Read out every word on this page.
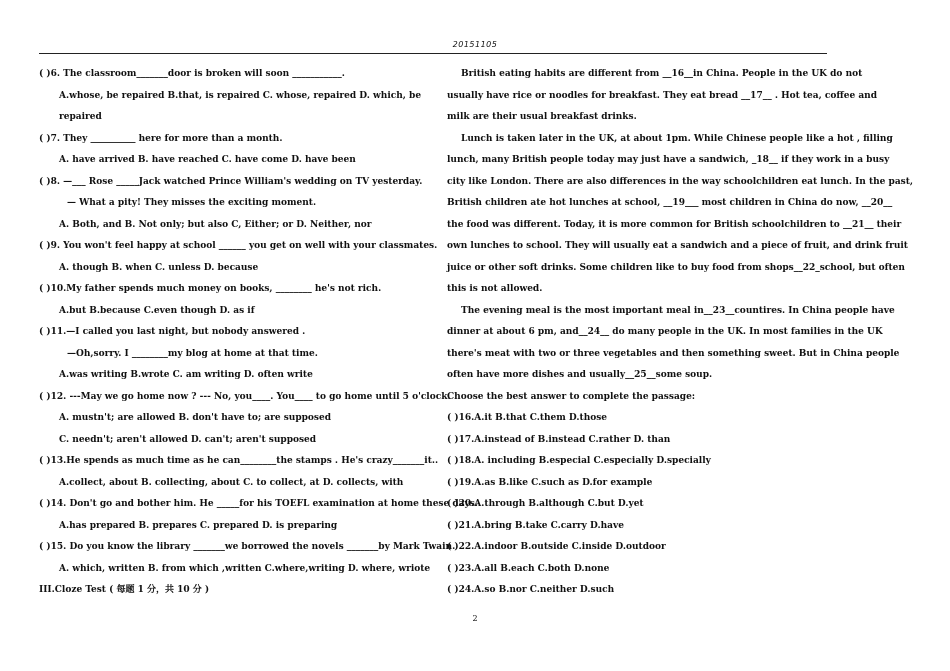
20151105
( )6. The classroom_______door is broken will soon ___________.
A.whose, be repaired B.that, is repaired C. whose, repaired D. which, be
repaired
( )7. They __________ here for more than a month.
A. have arrived B. have reached C. have come D. have been
( )8. —___ Rose _____Jack watched Prince William's wedding on TV yesterday.
— What a pity! They misses the exciting moment.
A. Both, and B. Not only; but also C, Either; or D. Neither, nor
( )9. You won't feel happy at school ______ you get on well with your classmates.
A. though B. when C. unless D. because
( )10.My father spends much money on books, ________ he's not rich.
A.but B.because C.even though D. as if
( )11.—I called you last night, but nobody answered .
—Oh,sorry. I ________my blog at home at that time.
A.was writing B.wrote C. am writing D. often write
( )12. ---May we go home now ? --- No, you____. You____ to go home until 5 o'clock.
A. mustn't; are allowed B. don't have to; are supposed
C. needn't; aren't allowed D. can't; aren't supposed
( )13.He spends as much time as he can________the stamps . He's crazy_______it..
A.collect, about B. collecting, about C. to collect, at D. collects, with
( )14. Don't go and bother him. He _____for his TOEFL examination at home these days.
A.has prepared B. prepares C. prepared D. is preparing
( )15. Do you know the library _______we borrowed the novels _______by Mark Twain.
A. which, written B. from which ,written C.where,writing D. where, wriote
III.Cloze Test ( 每题 1 分，共 10 分 )
British eating habits are different from __16__in China. People in the UK do not
usually have rice or noodles for breakfast. They eat bread __17__ . Hot tea, coffee and
milk are their usual breakfast drinks.
Lunch is taken later in the UK, at about 1pm. While Chinese people like a hot , filling
lunch, many British people today may just have a sandwich, _18__ if they work in a busy
city like London. There are also differences in the way schoolchildren eat lunch. In the past,
British children ate hot lunches at school, __19___ most children in China do now, __20__
the food was different. Today, it is more common for British schoolchildren to __21__ their
own lunches to school. They will usually eat a sandwich and a piece of fruit, and drink fruit
juice or other soft drinks. Some children like to buy food from shops__22_school, but often
this is not allowed.
The evening meal is the most important meal in__23__countires. In China people have
dinner at about 6 pm, and__24__ do many people in the UK. In most families in the UK
there's meat with two or three vegetables and then something sweet. But in China people
often have more dishes and usually__25__some soup.
Choose the best answer to complete the passage:
( )16.A.it B.that C.them D.those
( )17.A.instead of B.instead C.rather D. than
( )18.A. including B.especial C.especially D.specially
( )19.A.as B.like C.such as D.for example
( )20.A.through B.although C.but D.yet
( )21.A.bring B.take C.carry D.have
( )22.A.indoor B.outside C.inside D.outdoor
( )23.A.all B.each C.both D.none
( )24.A.so B.nor C.neither D.such
2
